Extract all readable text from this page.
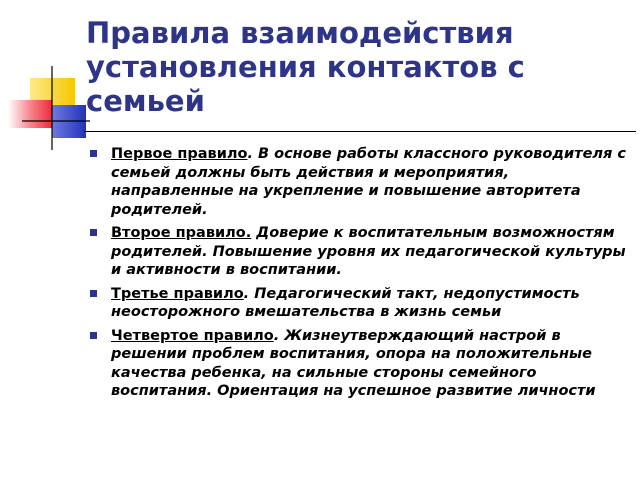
Правила взаимодействия
установления контактов с
семьей
Первое правило. В основе работы классного руководителя с семьей должны быть действия и мероприятия, направленные на укрепление и повышение авторитета родителей.
Второе правило. Доверие к воспитательным возможностям родителей. Повышение уровня их педагогической культуры и активности в воспитании.
Третье правило. Педагогический такт, недопустимость неосторожного вмешательства в жизнь семьи
Четвертое правило. Жизнеутверждающий настрой в решении проблем воспитания, опора на положительные качества ребенка, на сильные стороны семейного воспитания. Ориентация на успешное развитие личности
